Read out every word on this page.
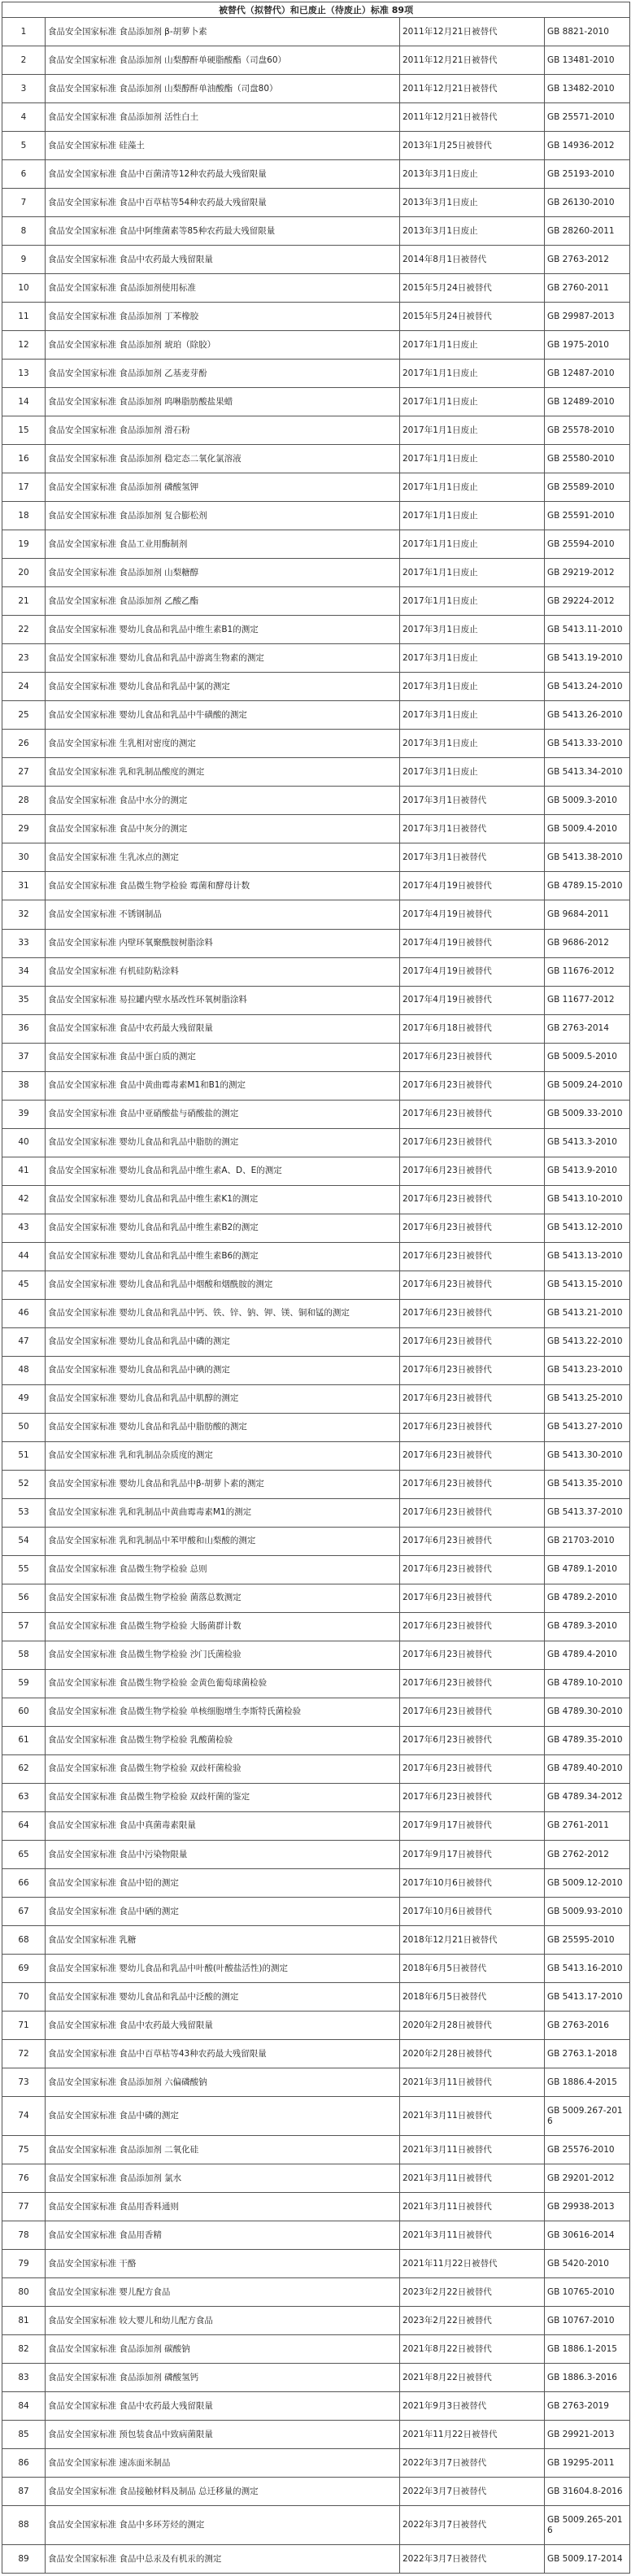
被替代（拟替代）和已废止（待废止）标准 89项			
1	食品安全国家标准 食品添加剂 β-胡萝卜素	2011年12月21日被替代	GB 8821-2010
2	食品安全国家标准 食品添加剂 山梨醇酐单硬脂酸酯（司盘60）	2011年12月21日被替代	GB 13481-2010
3	食品安全国家标准 食品添加剂 山梨醇酐单油酸酯（司盘80）	2011年12月21日被替代	GB 13482-2010
4	食品安全国家标准 食品添加剂 活性白土	2011年12月21日被替代	GB 25571-2010
5	食品安全国家标准 硅藻土	2013年1月25日被替代	GB 14936-2012
6	食品安全国家标准 食品中百菌清等12种农药最大残留限量	2013年3月1日废止	GB 25193-2010
7	食品安全国家标准 食品中百草枯等54种农药最大残留限量	2013年3月1日废止	GB 26130-2010
8	食品安全国家标准 食品中阿维菌素等85种农药最大残留限量	2013年3月1日废止	GB 28260-2011
9	食品安全国家标准 食品中农药最大残留限量	2014年8月1日被替代	GB 2763-2012
10	食品安全国家标准 食品添加剂使用标准	2015年5月24日被替代	GB 2760-2011
11	食品安全国家标准 食品添加剂 丁苯橡胶	2015年5月24日被替代	GB 29987-2013
12	食品安全国家标准 食品添加剂 琥珀（除胶）	2017年1月1日废止	GB 1975-2010
13	食品安全国家标准 食品添加剂 乙基麦芽酚	2017年1月1日废止	GB 12487-2010
14	食品安全国家标准 食品添加剂 呜啉脂肪酸盐果蜡	2017年1月1日废止	GB 12489-2010
15	食品安全国家标准 食品添加剂 滑石粉	2017年1月1日废止	GB 25578-2010
16	食品安全国家标准 食品添加剂 稳定态二氧化氯溶液	2017年1月1日废止	GB 25580-2010
17	食品安全国家标准 食品添加剂 磷酸氢钾	2017年1月1日废止	GB 25589-2010
18	食品安全国家标准 食品添加剂 复合膨松剂	2017年1月1日废止	GB 25591-2010
19	食品安全国家标准 食品工业用酶制剂	2017年1月1日废止	GB 25594-2010
20	食品安全国家标准 食品添加剂 山梨糖醇	2017年1月1日废止	GB 29219-2012
21	食品安全国家标准 食品添加剂 乙酸乙酯	2017年1月1日废止	GB 29224-2012
22	食品安全国家标准 婴幼儿食品和乳品中维生素B1的测定	2017年3月1日废止	GB 5413.11-2010
23	食品安全国家标准 婴幼儿食品和乳品中游离生物素的测定	2017年3月1日废止	GB 5413.19-2010
24	食品安全国家标准 婴幼儿食品和乳品中氯的测定	2017年3月1日废止	GB 5413.24-2010
25	食品安全国家标准 婴幼儿食品和乳品中牛磺酸的测定	2017年3月1日废止	GB 5413.26-2010
26	食品安全国家标准 生乳相对密度的测定	2017年3月1日废止	GB 5413.33-2010
27	食品安全国家标准 乳和乳制品酸度的测定	2017年3月1日废止	GB 5413.34-2010
28	食品安全国家标准 食品中水分的测定	2017年3月1日被替代	GB 5009.3-2010
29	食品安全国家标准 食品中灰分的测定	2017年3月1日被替代	GB 5009.4-2010
30	食品安全国家标准 生乳冰点的测定	2017年3月1日被替代	GB 5413.38-2010
31	食品安全国家标准 食品微生物学检验 霉菌和酵母计数	2017年4月19日被替代	GB 4789.15-2010
32	食品安全国家标准 不锈钢制品	2017年4月19日被替代	GB 9684-2011
33	食品安全国家标准 内壁环氧聚酰胺树脂涂料	2017年4月19日被替代	GB 9686-2012
34	食品安全国家标准 有机硅防粘涂料	2017年4月19日被替代	GB 11676-2012
35	食品安全国家标准 易拉罐内壁水基改性环氧树脂涂料	2017年4月19日被替代	GB 11677-2012
36	食品安全国家标准 食品中农药最大残留限量	2017年6月18日被替代	GB 2763-2014
37	食品安全国家标准 食品中蛋白质的测定	2017年6月23日被替代	GB 5009.5-2010
38	食品安全国家标准 食品中黄曲霉毒素M1和B1的测定	2017年6月23日被替代	GB 5009.24-2010
39	食品安全国家标准 食品中亚硝酸盐与硝酸盐的测定	2017年6月23日被替代	GB 5009.33-2010
40	食品安全国家标准 婴幼儿食品和乳品中脂肪的测定	2017年6月23日被替代	GB 5413.3-2010
41	食品安全国家标准 婴幼儿食品和乳品中维生素A、D、E的测定	2017年6月23日被替代	GB 5413.9-2010
42	食品安全国家标准 婴幼儿食品和乳品中维生素K1的测定	2017年6月23日被替代	GB 5413.10-2010
43	食品安全国家标准 婴幼儿食品和乳品中维生素B2的测定	2017年6月23日被替代	GB 5413.12-2010
44	食品安全国家标准 婴幼儿食品和乳品中维生素B6的测定	2017年6月23日被替代	GB 5413.13-2010
45	食品安全国家标准 婴幼儿食品和乳品中烟酸和烟酰胺的测定	2017年6月23日被替代	GB 5413.15-2010
46	食品安全国家标准 婴幼儿食品和乳品中钙、铁、锌、钠、钾、镁、铜和锰的测定	2017年6月23日被替代	GB 5413.21-2010
47	食品安全国家标准 婴幼儿食品和乳品中磷的测定	2017年6月23日被替代	GB 5413.22-2010
48	食品安全国家标准 婴幼儿食品和乳品中碘的测定	2017年6月23日被替代	GB 5413.23-2010
49	食品安全国家标准 婴幼儿食品和乳品中肌醇的测定	2017年6月23日被替代	GB 5413.25-2010
50	食品安全国家标准 婴幼儿食品和乳品中脂肪酸的测定	2017年6月23日被替代	GB 5413.27-2010
51	食品安全国家标准 乳和乳制品杂质度的测定	2017年6月23日被替代	GB 5413.30-2010
52	食品安全国家标准 婴幼儿食品和乳品中β-胡萝卜素的测定	2017年6月23日被替代	GB 5413.35-2010
53	食品安全国家标准 乳和乳制品中黄曲霉毒素M1的测定	2017年6月23日被替代	GB 5413.37-2010
54	食品安全国家标准 乳和乳制品中苯甲酸和山梨酸的测定	2017年6月23日被替代	GB 21703-2010
55	食品安全国家标准 食品微生物学检验 总则	2017年6月23日被替代	GB 4789.1-2010
56	食品安全国家标准 食品微生物学检验 菌落总数测定	2017年6月23日被替代	GB 4789.2-2010
57	食品安全国家标准 食品微生物学检验 大肠菌群计数	2017年6月23日被替代	GB 4789.3-2010
58	食品安全国家标准 食品微生物学检验 沙门氏菌检验	2017年6月23日被替代	GB 4789.4-2010
59	食品安全国家标准 食品微生物学检验 金黄色葡萄球菌检验	2017年6月23日被替代	GB 4789.10-2010
60	食品安全国家标准 食品微生物学检验 单核细胞增生李斯特氏菌检验	2017年6月23日被替代	GB 4789.30-2010
61	食品安全国家标准 食品微生物学检验 乳酸菌检验	2017年6月23日被替代	GB 4789.35-2010
62	食品安全国家标准 食品微生物学检验 双歧杆菌检验	2017年6月23日被替代	GB 4789.40-2010
63	食品安全国家标准 食品微生物学检验 双歧杆菌的鉴定	2017年6月23日被替代	GB 4789.34-2012
64	食品安全国家标准 食品中真菌毒素限量	2017年9月17日被替代	GB 2761-2011
65	食品安全国家标准 食品中污染物限量	2017年9月17日被替代	GB 2762-2012
66	食品安全国家标准 食品中铅的测定	2017年10月6日被替代	GB 5009.12-2010
67	食品安全国家标准 食品中硒的测定	2017年10月6日被替代	GB 5009.93-2010
68	食品安全国家标准 乳糖	2018年12月21日被替代	GB 25595-2010
69	食品安全国家标准 婴幼儿食品和乳品中叶酸(叶酸盐活性)的测定	2018年6月5日被替代	GB 5413.16-2010
70	食品安全国家标准 婴幼儿食品和乳品中泛酸的测定	2018年6月5日被替代	GB 5413.17-2010
71	食品安全国家标准 食品中农药最大残留限量	2020年2月28日被替代	GB 2763-2016
72	食品安全国家标准 食品中百草枯等43种农药最大残留限量	2020年2月28日被替代	GB 2763.1-2018
73	食品安全国家标准 食品添加剂 六偏磷酸钠	2021年3月11日被替代	GB 1886.4-2015
74	食品安全国家标准 食品中磷的测定	2021年3月11日被替代	GB 5009.267-2016
75	食品安全国家标准 食品添加剂 二氧化硅	2021年3月11日被替代	GB 25576-2010
76	食品安全国家标准 食品添加剂 氯水	2021年3月11日被替代	GB 29201-2012
77	食品安全国家标准 食品用香料通则	2021年3月11日被替代	GB 29938-2013
78	食品安全国家标准 食品用香精	2021年3月11日被替代	GB 30616-2014
79	食品安全国家标准 干酪	2021年11月22日被替代	GB 5420-2010
80	食品安全国家标准 婴儿配方食品	2023年2月22日被替代	GB 10765-2010
81	食品安全国家标准 较大婴儿和幼儿配方食品	2023年2月22日被替代	GB 10767-2010
82	食品安全国家标准 食品添加剂 碳酸钠	2021年8月22日被替代	GB 1886.1-2015
83	食品安全国家标准 食品添加剂 磷酸氢钙	2021年8月22日被替代	GB 1886.3-2016
84	食品安全国家标准 食品中农药最大残留限量	2021年9月3日被替代	GB 2763-2019
85	食品安全国家标准 预包装食品中致病菌限量	2021年11月22日被替代	GB 29921-2013
86	食品安全国家标准 速冻面米制品	2022年3月7日被替代	GB 19295-2011
87	食品安全国家标准 食品接触材料及制品 总迁移量的测定	2022年3月7日被替代	GB 31604.8-2016
88	食品安全国家标准 食品中多环芳烃的测定	2022年3月7日被替代	GB 5009.265-2016
89	食品安全国家标准 食品中总汞及有机汞的测定	2022年3月7日被替代	GB 5009.17-2014
